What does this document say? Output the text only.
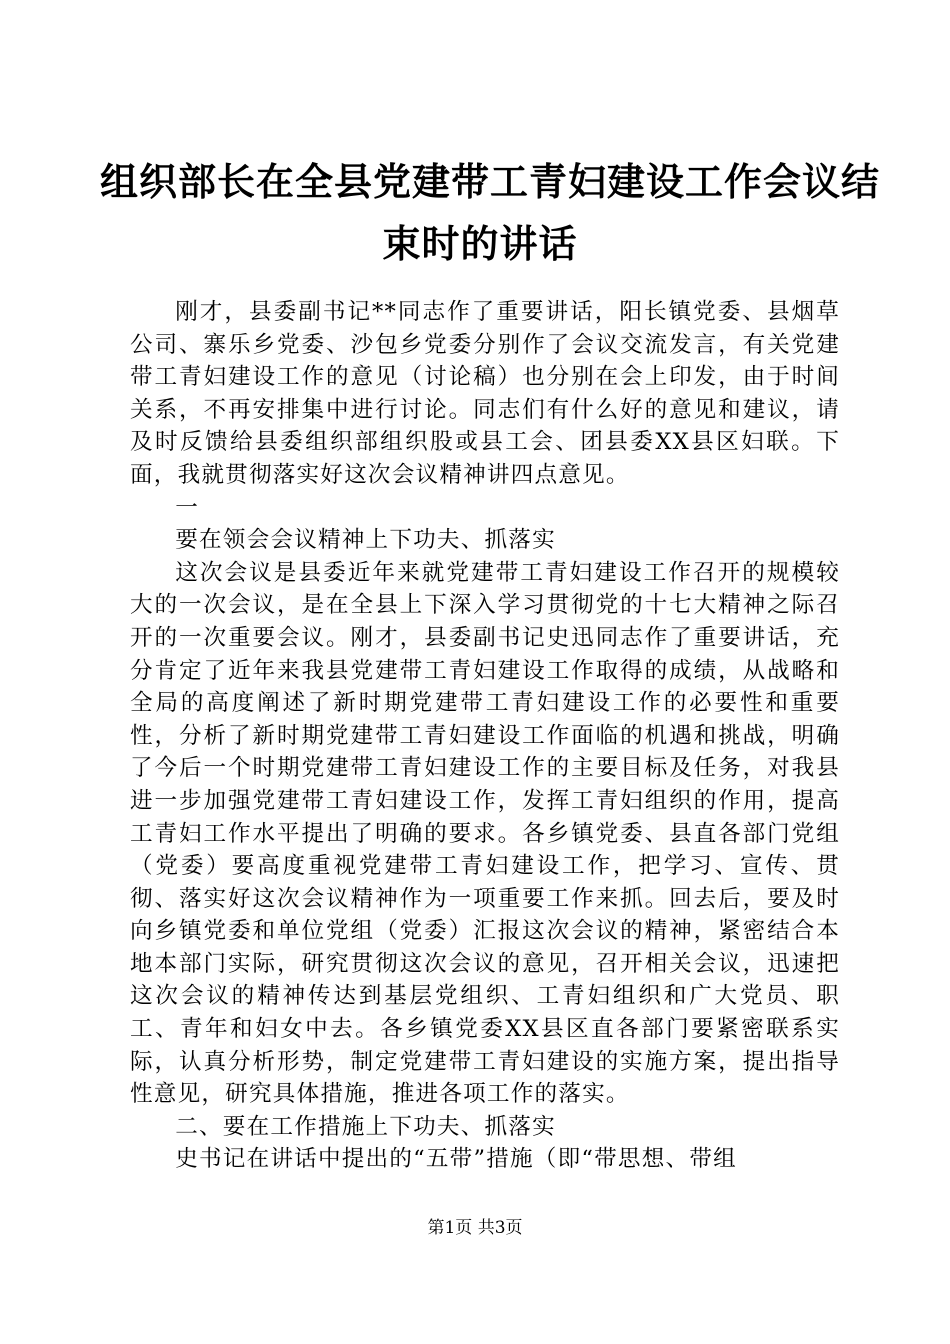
组织部长在全县党建带工青妇建设工作会议结
束时的讲话

刚才，县委副书记**同志作了重要讲话，阳长镇党委、县烟草公司、寨乐乡党委、沙包乡党委分别作了会议交流发言，有关党建带工青妇建设工作的意见（讨论稿）也分别在会上印发，由于时间关系，不再安排集中进行讨论。同志们有什么好的意见和建议，请及时反馈给县委组织部组织股或县工会、团县委XX县区妇联。下面，我就贯彻落实好这次会议精神讲四点意见。

一

要在领会会议精神上下功夫、抓落实

这次会议是县委近年来就党建带工青妇建设工作召开的规模较大的一次会议，是在全县上下深入学习贯彻党的十七大精神之际召开的一次重要会议。刚才，县委副书记史迅同志作了重要讲话，充分肯定了近年来我县党建带工青妇建设工作取得的成绩，从战略和全局的高度阐述了新时期党建带工青妇建设工作的必要性和重要性，分析了新时期党建带工青妇建设工作面临的机遇和挑战，明确了今后一个时期党建带工青妇建设工作的主要目标及任务，对我县进一步加强党建带工青妇建设工作，发挥工青妇组织的作用，提高工青妇工作水平提出了明确的要求。各乡镇党委、县直各部门党组（党委）要高度重视党建带工青妇建设工作，把学习、宣传、贯彻、落实好这次会议精神作为一项重要工作来抓。回去后，要及时向乡镇党委和单位党组（党委）汇报这次会议的精神，紧密结合本地本部门实际，研究贯彻这次会议的意见，召开相关会议，迅速把这次会议的精神传达到基层党组织、工青妇组织和广大党员、职工、青年和妇女中去。各乡镇党委XX县区直各部门要紧密联系实际，认真分析形势，制定党建带工青妇建设的实施方案，提出指导性意见，研究具体措施，推进各项工作的落实。

二、要在工作措施上下功夫、抓落实

史书记在讲话中提出的“五带”措施（即“带思想、带组

第1页 共3页
